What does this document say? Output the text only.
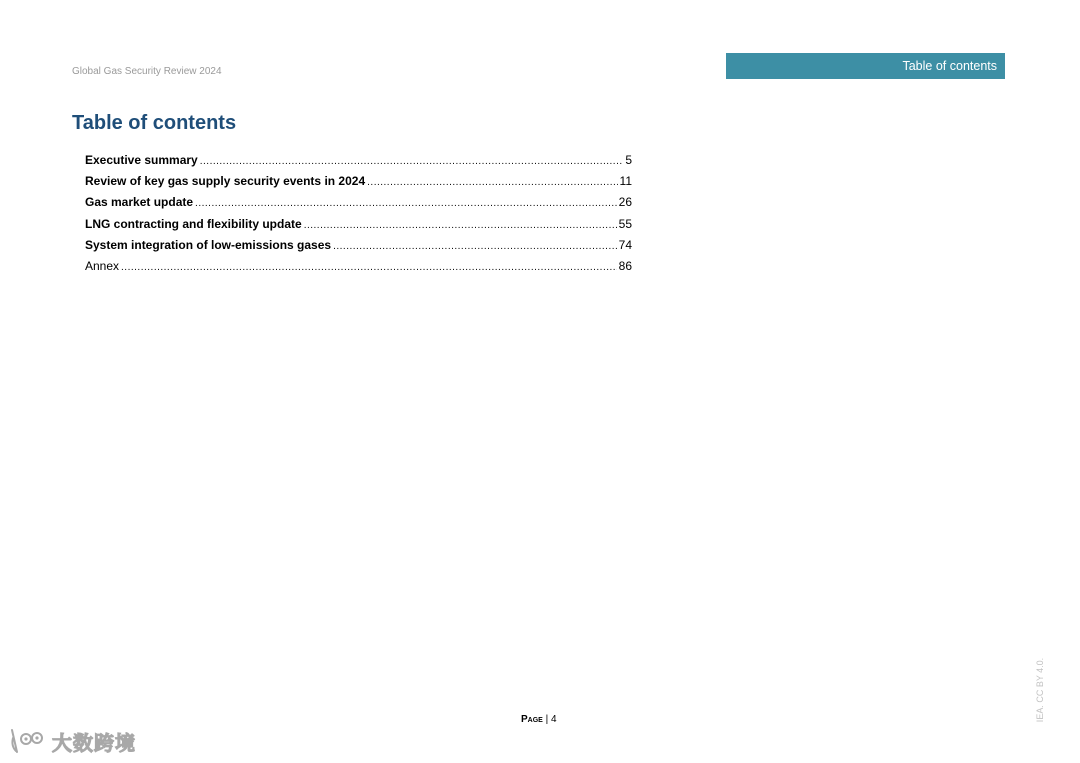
Global Gas Security Review 2024	Table of contents
Table of contents
Executive summary .....	5
Review of key gas supply security events in 2024 .....	11
Gas market update .....	26
LNG contracting and flexibility update .....	55
System integration of low-emissions gases .....	74
Annex .....	86
Page | 4	IEA. CC BY 4.0.
大数跨境
